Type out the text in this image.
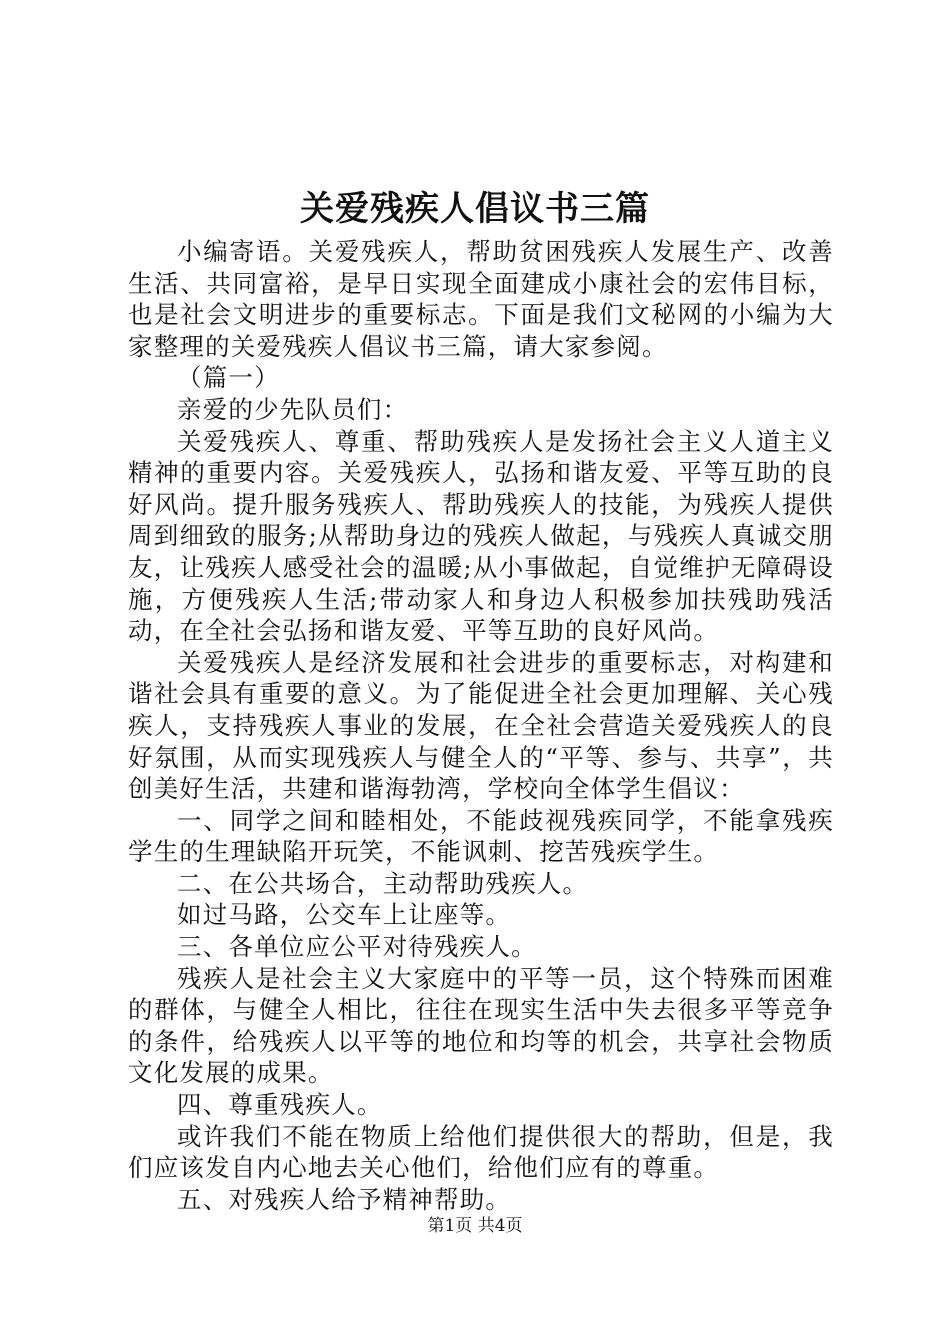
关爱残疾人倡议书三篇

小编寄语。关爱残疾人，帮助贫困残疾人发展生产、改善生活、共同富裕，是早日实现全面建成小康社会的宏伟目标，也是社会文明进步的重要标志。下面是我们文秘网的小编为大家整理的关爱残疾人倡议书三篇，请大家参阅。

（篇一）

亲爱的少先队员们：

关爱残疾人、尊重、帮助残疾人是发扬社会主义人道主义精神的重要内容。关爱残疾人，弘扬和谐友爱、平等互助的良好风尚。提升服务残疾人、帮助残疾人的技能，为残疾人提供周到细致的服务;从帮助身边的残疾人做起，与残疾人真诚交朋友，让残疾人感受社会的温暖;从小事做起，自觉维护无障碍设施，方便残疾人生活;带动家人和身边人积极参加扶残助残活动，在全社会弘扬和谐友爱、平等互助的良好风尚。

关爱残疾人是经济发展和社会进步的重要标志，对构建和谐社会具有重要的意义。为了能促进全社会更加理解、关心残疾人，支持残疾人事业的发展，在全社会营造关爱残疾人的良好氛围，从而实现残疾人与健全人的“平等、参与、共享”，共创美好生活，共建和谐海勃湾，学校向全体学生倡议：

一、同学之间和睦相处，不能歧视残疾同学，不能拿残疾学生的生理缺陷开玩笑，不能讽刺、挖苦残疾学生。

二、在公共场合，主动帮助残疾人。

如过马路，公交车上让座等。

三、各单位应公平对待残疾人。

残疾人是社会主义大家庭中的平等一员，这个特殊而困难的群体，与健全人相比，往往在现实生活中失去很多平等竞争的条件，给残疾人以平等的地位和均等的机会，共享社会物质文化发展的成果。

四、尊重残疾人。

或许我们不能在物质上给他们提供很大的帮助，但是，我们应该发自内心地去关心他们，给他们应有的尊重。

五、对残疾人给予精神帮助。

第1页 共4页
